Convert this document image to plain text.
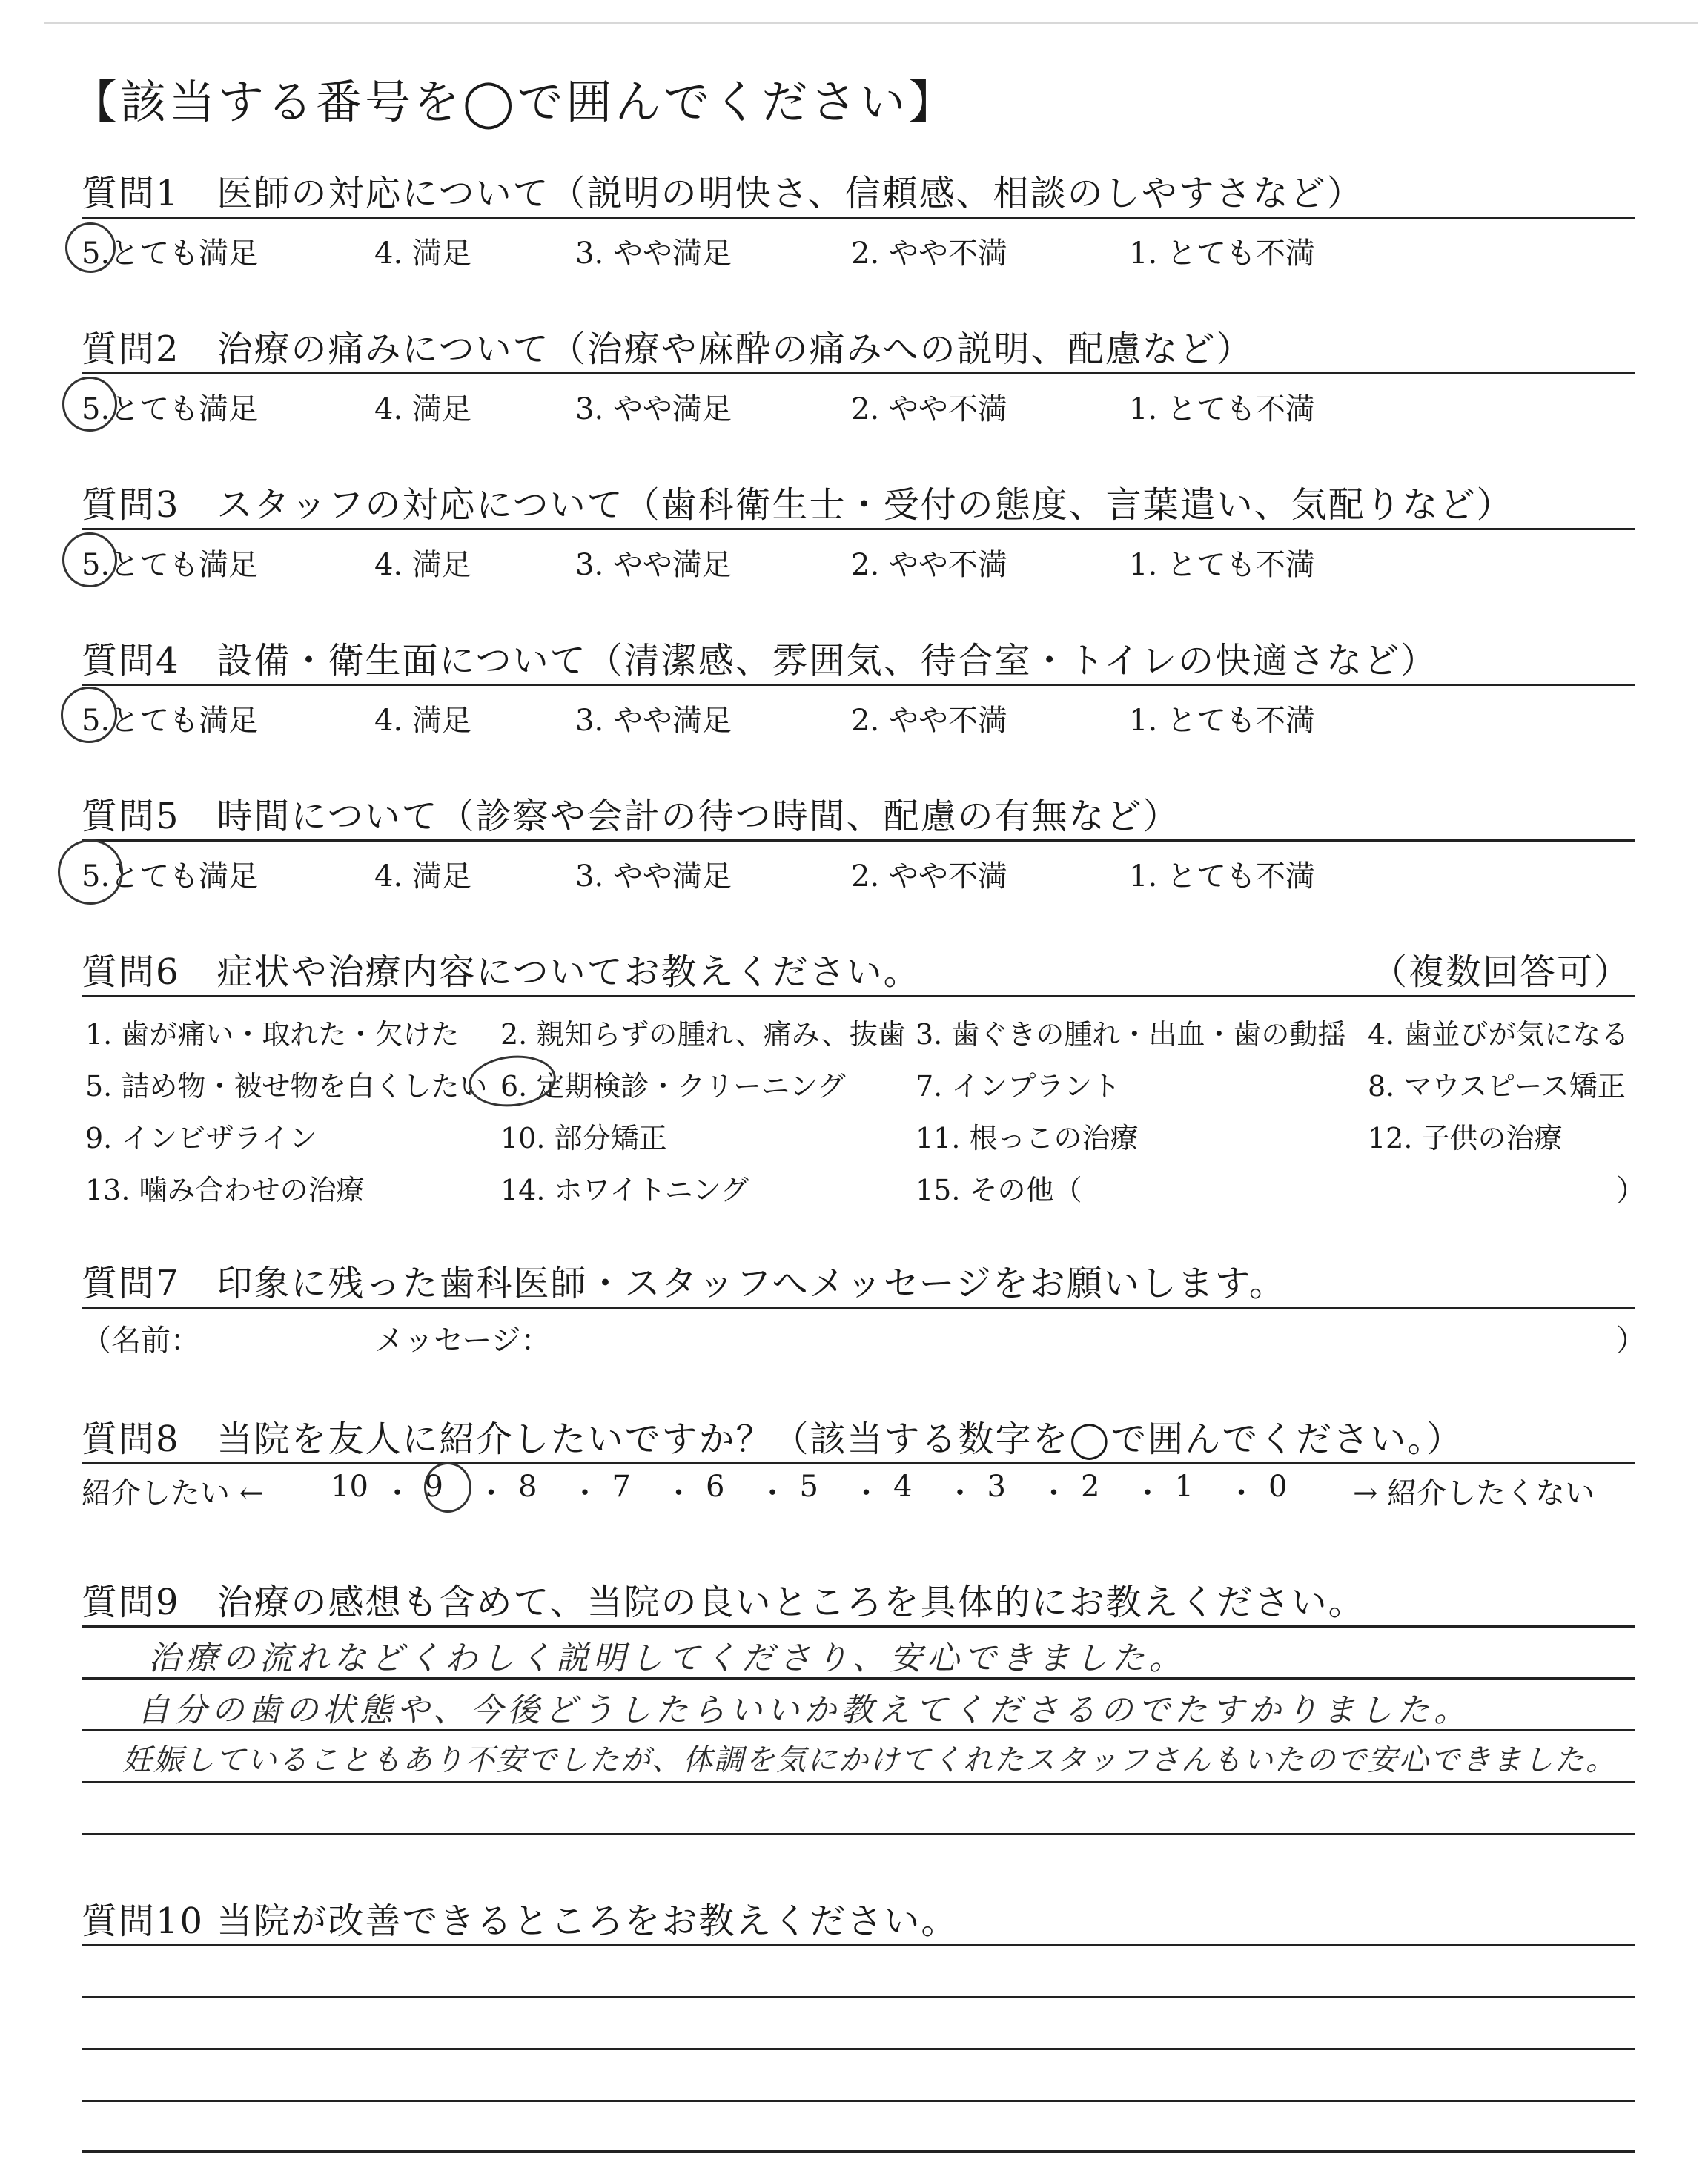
【該当する番号を◯で囲んでください】
質問1　医師の対応について（説明の明快さ、信頼感、相談のしやすさなど）
5.とても満足	4. 満足	3. やや満足	2. やや不満	1. とても不満
質問2　治療の痛みについて（治療や麻酔の痛みへの説明、配慮など）
5.とても満足	4. 満足	3. やや満足	2. やや不満	1. とても不満
質問3　スタッフの対応について（歯科衛生士・受付の態度、言葉遣い、気配りなど）
5.とても満足	4. 満足	3. やや満足	2. やや不満	1. とても不満
質問4　設備・衛生面について（清潔感、雰囲気、待合室・トイレの快適さなど）
5.とても満足	4. 満足	3. やや満足	2. やや不満	1. とても不満
質問5　時間について（診察や会計の待つ時間、配慮の有無など）
5.とても満足	4. 満足	3. やや満足	2. やや不満	1. とても不満
質問6　症状や治療内容についてお教えください。	（複数回答可）
1. 歯が痛い・取れた・欠けた 2. 親知らずの腫れ、痛み、抜歯 3. 歯ぐきの腫れ・出血・歯の動揺 4. 歯並びが気になる
5. 詰め物・被せ物を白くしたい 6. 定期検診・クリーニング 7. インプラント	8. マウスピース矯正
9. インビザライン	10. 部分矯正	11. 根っこの治療	12. 子供の治療
13. 噛み合わせの治療	14. ホワイトニング	15. その他（	）
質問7　印象に残った歯科医師・スタッフへメッセージをお願いします。
（名前：	メッセージ：	）
質問8　当院を友人に紹介したいですか？（該当する数字を◯で囲んでください。）
紹介したい ←	→ 紹介したくない
10 ・ 9 ・ 8 ・ 7 ・ 6 ・ 5 ・ 4 ・ 3 ・ 2 ・ 1 ・ 0
質問9　治療の感想も含めて、当院の良いところを具体的にお教えください。
治療の流れなどくわしく説明してくださり、安心できました。
自分の歯の状態や、今後どうしたらいいか教えてくださるのでたすかりました。
妊娠していることもあり不安でしたが、体調を気にかけてくれたスタッフさんもいたので安心できました。
質問10 当院が改善できるところをお教えください。
